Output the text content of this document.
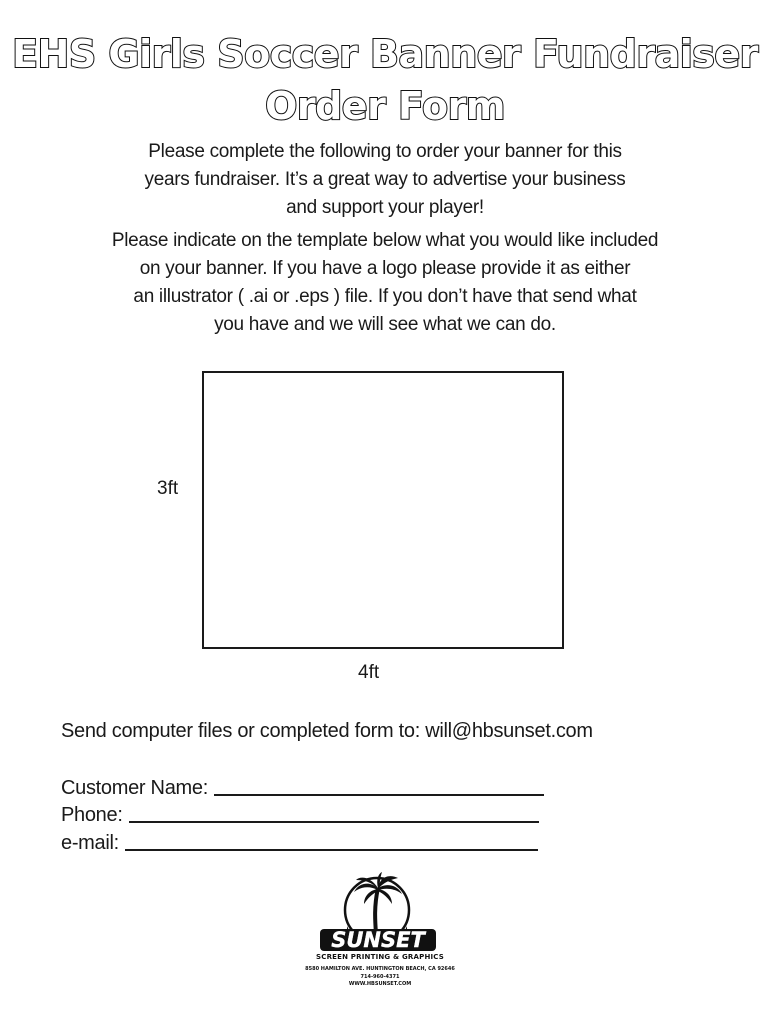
EHS Girls Soccer Banner Fundraiser
Order Form
Please complete the following to order your banner for this
years fundraiser. It’s a great way to advertise your business
and support your player!
Please indicate on the template below what you would like included
on your banner. If you have a logo please provide it as either
an illustrator ( .ai or .eps ) file. If you don’t have that send what
you have and we will see what we can do.
3ft
4ft
Send computer files or completed form to: will@hbsunset.com
Customer Name:
Phone:
e-mail:
SUNSET
SCREEN PRINTING & GRAPHICS
8580 HAMILTON AVE. HUNTINGTON BEACH, CA 92646
714-960-4371
WWW.HBSUNSET.COM
